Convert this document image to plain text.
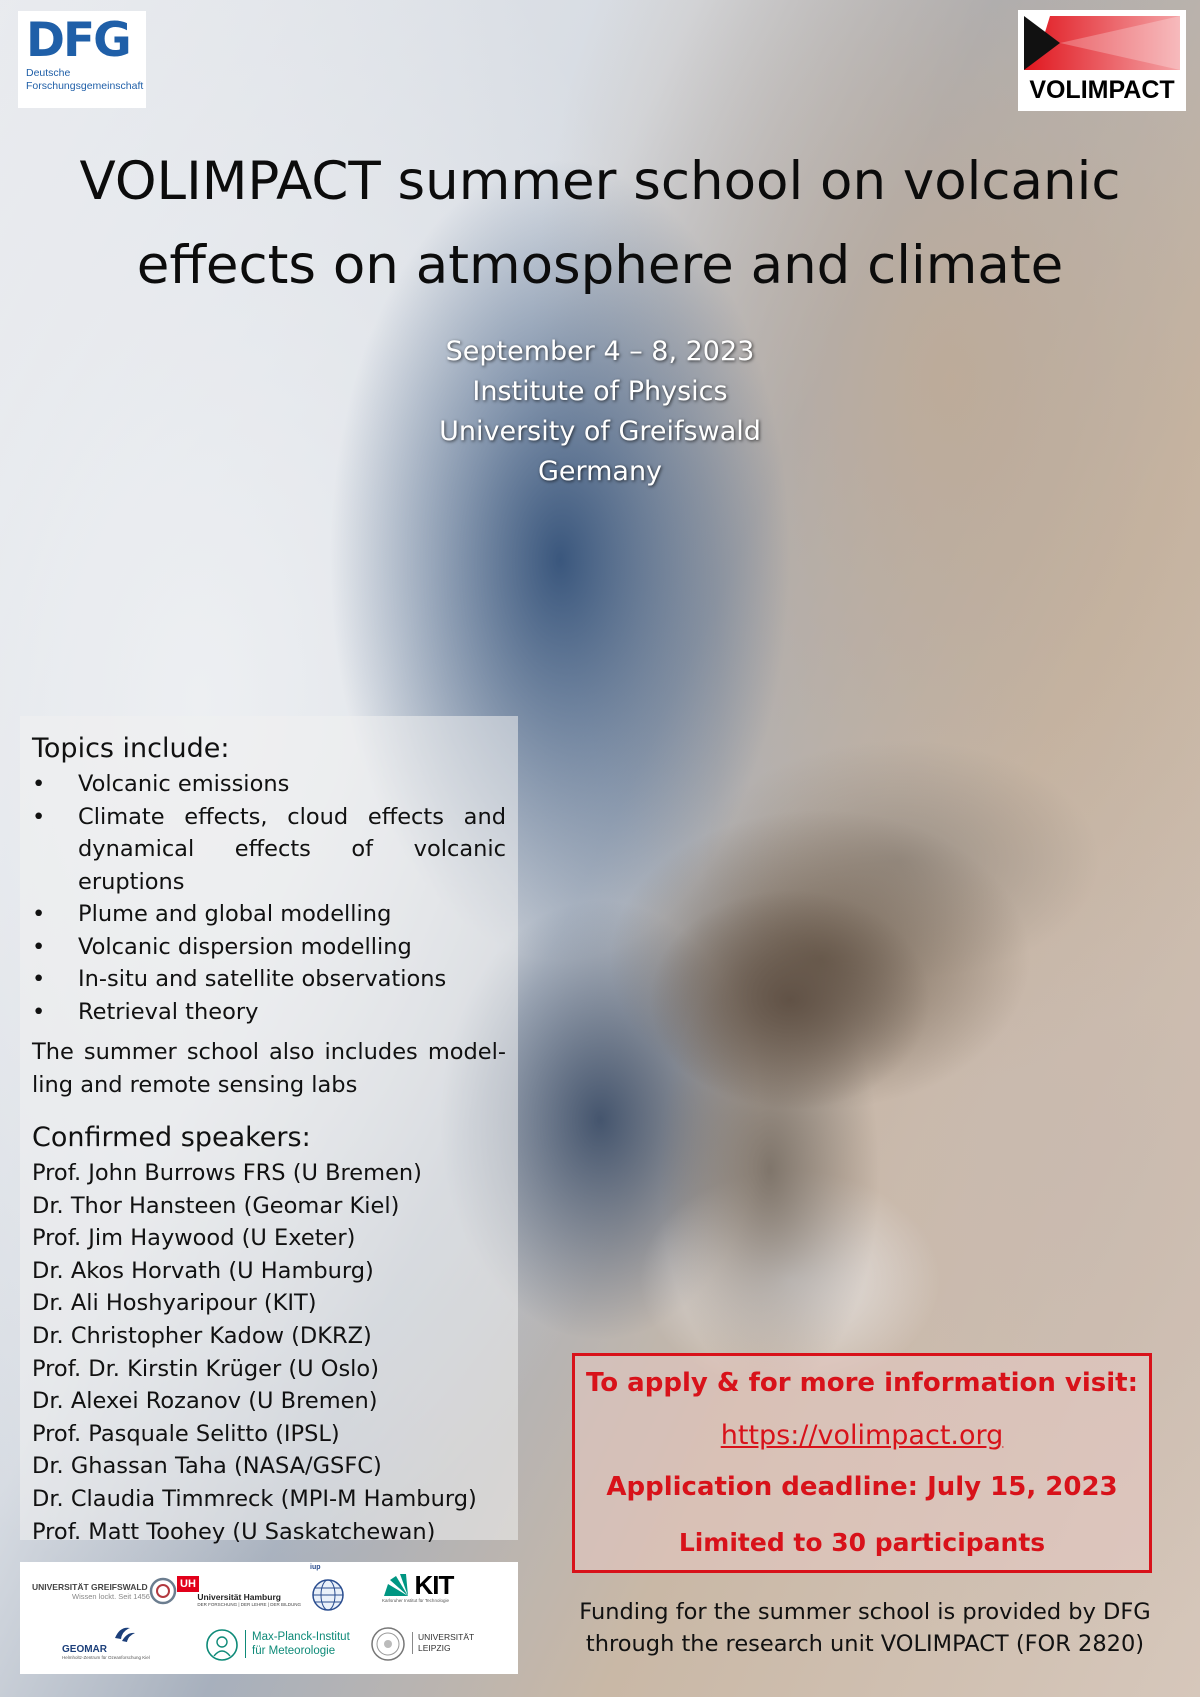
DFG
Deutsche
Forschungsgemeinschaft	VOLIMPACT
VOLIMPACT summer school on volcanic
effects on atmosphere and climate
September 4 – 8, 2023
Institute of Physics
University of Greifswald
Germany
Topics include:
• Volcanic emissions
• Climate effects, cloud effects and dynamical effects of volcanic eruptions
• Plume and global modelling
• Volcanic dispersion modelling
• In-situ and satellite observations
• Retrieval theory
The summer school also includes model-ling and remote sensing labs
Confirmed speakers:
Prof. John Burrows FRS (U Bremen)
Dr. Thor Hansteen (Geomar Kiel)
Prof. Jim Haywood (U Exeter)
Dr. Akos Horvath (U Hamburg)
Dr. Ali Hoshyaripour (KIT)
Dr. Christopher Kadow (DKRZ)
Prof. Dr. Kirstin Krüger (U Oslo)
Dr. Alexei Rozanov (U Bremen)
Prof. Pasquale Selitto (IPSL)
Dr. Ghassan Taha (NASA/GSFC)
Dr. Claudia Timmreck (MPI-M Hamburg)
Prof. Matt Toohey (U Saskatchewan)
UNIVERSITÄT GREIFSWALD
Wissen lockt. Seit 1456
UH
Universität Hamburg
DER FORSCHUNG | DER LEHRE | DER BILDUNG
iup
KIT
Karlsruher Institut für Technologie
GEOMAR
Helmholtz-Zentrum für Ozeanforschung Kiel
Max-Planck-Institut
für Meteorologie
UNIVERSITÄT
LEIPZIG
To apply & for more information visit:
https://volimpact.org
Application deadline: July 15, 2023
Limited to 30 participants
Funding for the summer school is provided by DFG
through the research unit VOLIMPACT (FOR 2820)
